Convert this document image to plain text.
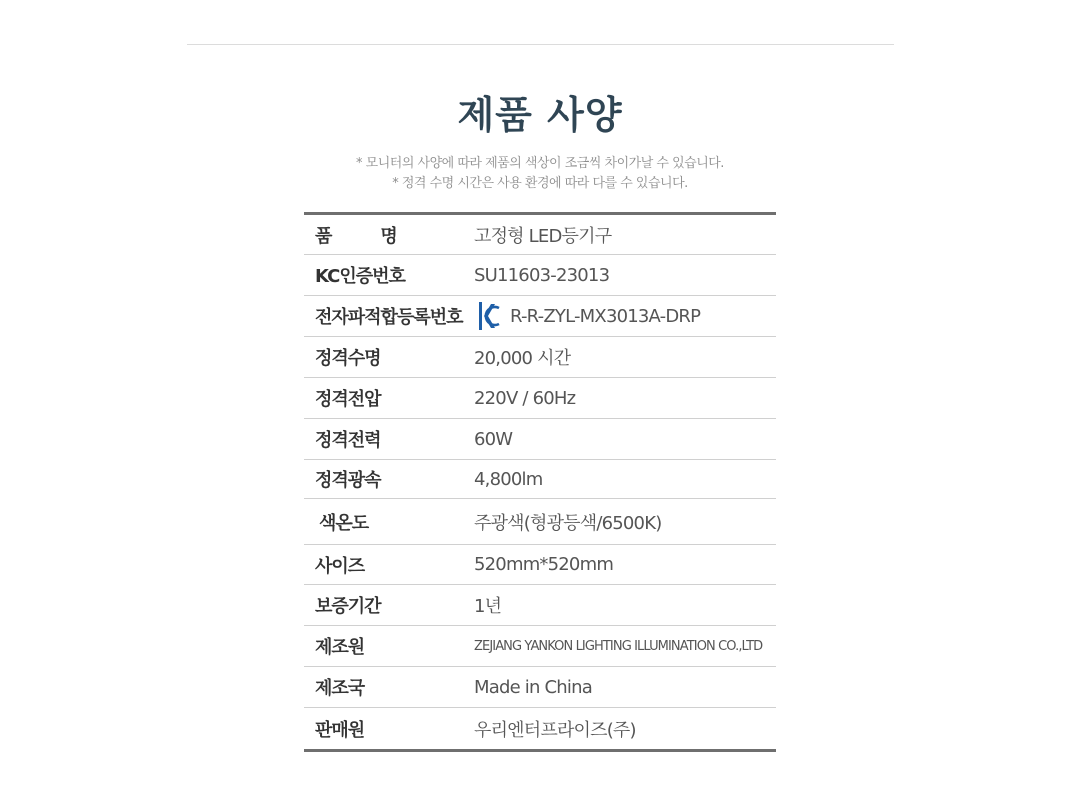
제품 사양
* 모니터의 사양에 따라 제품의 색상이 조금씩 차이가날 수 있습니다.
* 정격 수명 시간은 사용 환경에 따라 다를 수 있습니다.
품	명	고정형 LED등기구
KC인증번호	SU11603-23013
전자파적합등록번호	R-R-ZYL-MX3013A-DRP
정격수명	20,000 시간
정격전압	220V / 60Hz
정격전력	60W
정격광속	4,800lm
색온도	주광색(형광등색/6500K)
사이즈	520mm*520mm
보증기간	1년
제조원	ZEJIANG YANKON LIGHTING ILLUMINATION CO.,LTD
제조국	Made in China
판매원	우리엔터프라이즈(주)
